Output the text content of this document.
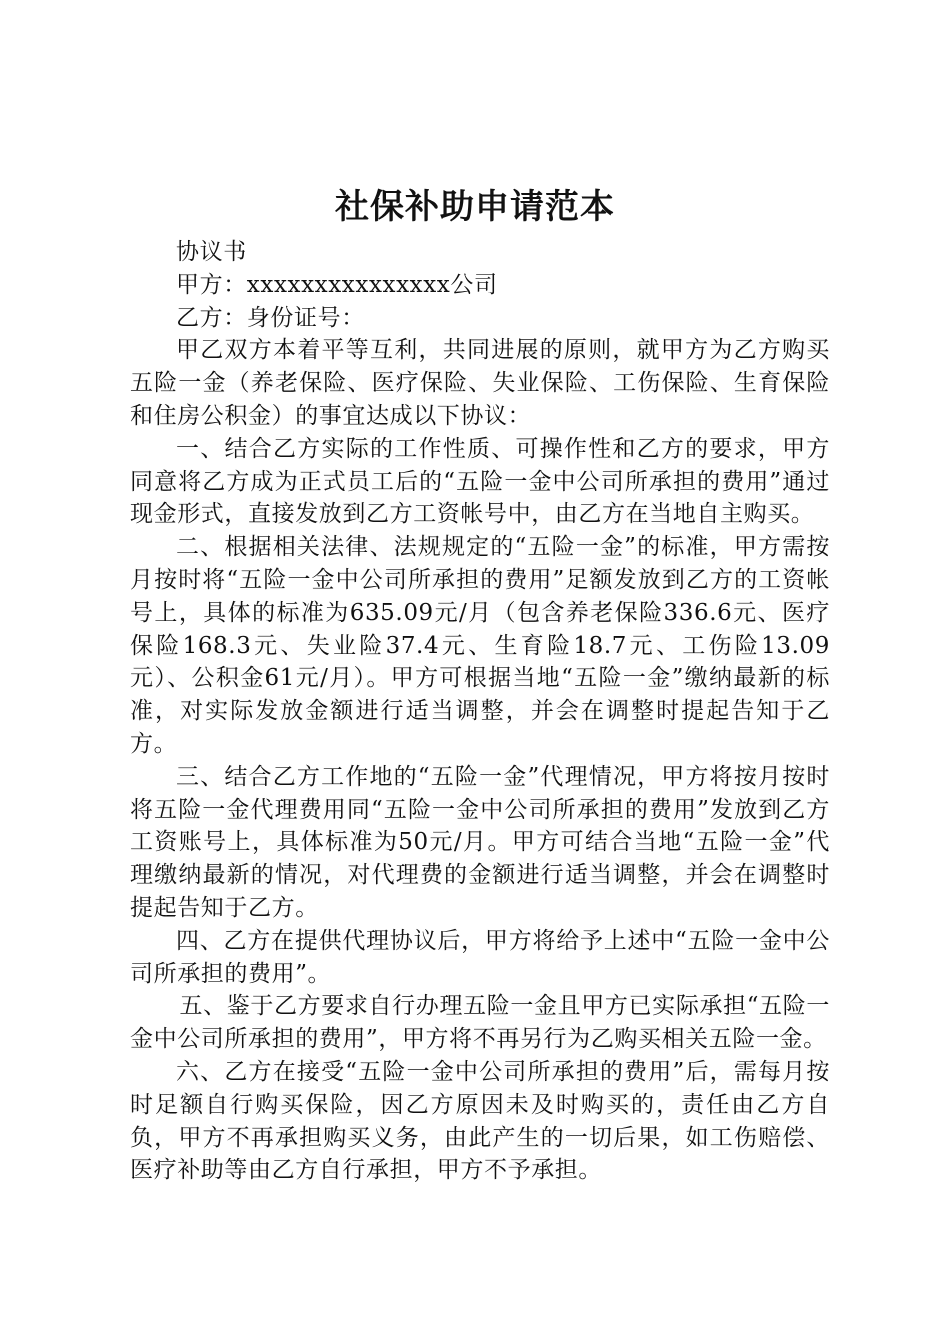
社保补助申请范本

协议书

甲方：xxxxxxxxxxxxxxx公司

乙方：身份证号：

甲乙双方本着平等互利，共同进展的原则，就甲方为乙方购买五险一金（养老保险、医疗保险、失业保险、工伤保险、生育保险和住房公积金）的事宜达成以下协议：

一、结合乙方实际的工作性质、可操作性和乙方的要求，甲方同意将乙方成为正式员工后的“五险一金中公司所承担的费用”通过现金形式，直接发放到乙方工资帐号中，由乙方在当地自主购买。

二、根据相关法律、法规规定的“五险一金”的标准，甲方需按月按时将“五险一金中公司所承担的费用”足额发放到乙方的工资帐号上，具体的标准为635.09元/月（包含养老保险336.6元、医疗保险168.3元、失业险37.4元、生育险18.7元、工伤险13.09元）、公积金61元/月）。甲方可根据当地“五险一金”缴纳最新的标准，对实际发放金额进行适当调整，并会在调整时提起告知于乙方。

三、结合乙方工作地的“五险一金”代理情况，甲方将按月按时将五险一金代理费用同“五险一金中公司所承担的费用”发放到乙方工资账号上，具体标准为50元/月。甲方可结合当地“五险一金”代理缴纳最新的情况，对代理费的金额进行适当调整，并会在调整时提起告知于乙方。

四、乙方在提供代理协议后，甲方将给予上述中“五险一金中公司所承担的费用”。

五、鉴于乙方要求自行办理五险一金且甲方已实际承担“五险一金中公司所承担的费用”，甲方将不再另行为乙购买相关五险一金。

六、乙方在接受“五险一金中公司所承担的费用”后，需每月按时足额自行购买保险，因乙方原因未及时购买的，责任由乙方自负，甲方不再承担购买义务，由此产生的一切后果，如工伤赔偿、医疗补助等由乙方自行承担，甲方不予承担。
